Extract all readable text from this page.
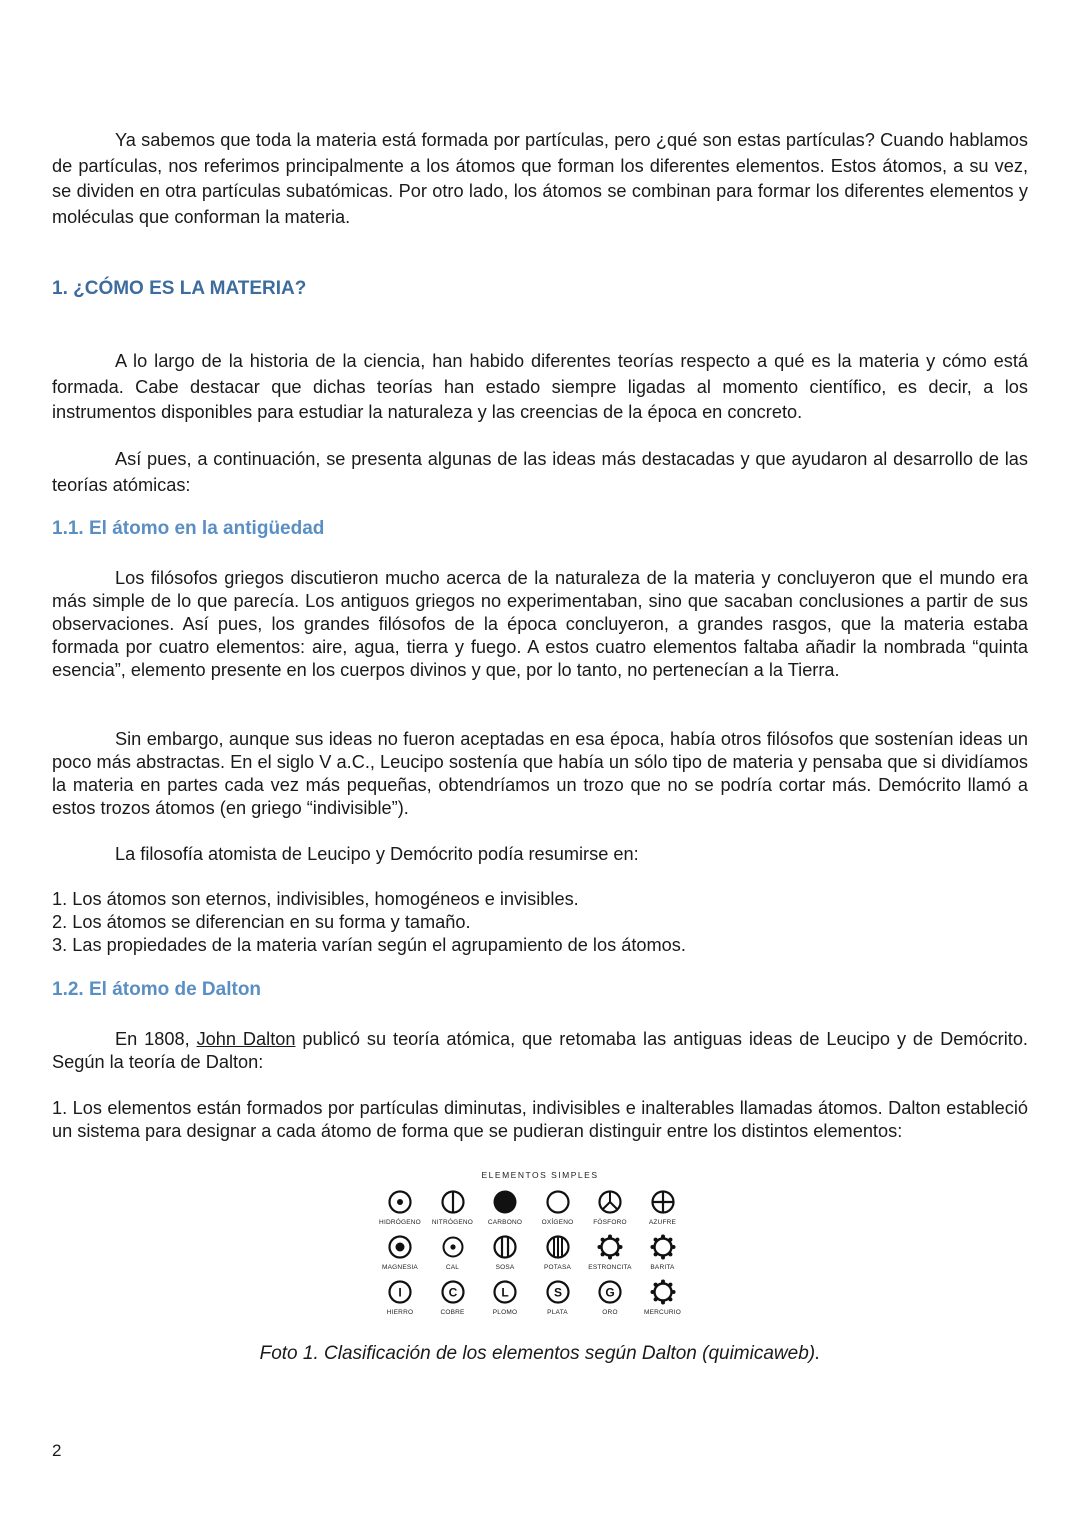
Ya sabemos que toda la materia está formada por partículas, pero ¿qué son estas partículas? Cuando hablamos de partículas, nos referimos principalmente a los átomos que forman los diferentes elementos. Estos átomos, a su vez, se dividen en otra partículas subatómicas. Por otro lado, los átomos se combinan para formar los diferentes elementos y moléculas que conforman la materia.

1. ¿CÓMO ES LA MATERIA?

A lo largo de la historia de la ciencia, han habido diferentes teorías respecto a qué es la materia y cómo está formada. Cabe destacar que dichas teorías han estado siempre ligadas al momento científico, es decir, a los instrumentos disponibles para estudiar la naturaleza y las creencias de la época en concreto.

Así pues, a continuación, se presenta algunas de las ideas más destacadas y que ayudaron al desarrollo de las teorías atómicas:

1.1. El átomo en la antigüedad

Los filósofos griegos discutieron mucho acerca de la naturaleza de la materia y concluyeron que el mundo era más simple de lo que parecía. Los antiguos griegos no experimentaban, sino que sacaban conclusiones a partir de sus observaciones. Así pues, los grandes filósofos de la época concluyeron, a grandes rasgos, que la materia estaba formada por cuatro elementos: aire, agua, tierra y fuego. A estos cuatro elementos faltaba añadir la nombrada “quinta esencia”, elemento presente en los cuerpos divinos y que, por lo tanto, no pertenecían a la Tierra.

Sin embargo, aunque sus ideas no fueron aceptadas en esa época, había otros filósofos que sostenían ideas un poco más abstractas. En el siglo V a.C., Leucipo sostenía que había un sólo tipo de materia y pensaba que si dividíamos la materia en partes cada vez más pequeñas, obtendríamos un trozo que no se podría cortar más. Demócrito llamó a estos trozos átomos (en griego “indivisible”).

La filosofía atomista de Leucipo y Demócrito podía resumirse en:

1. Los átomos son eternos, indivisibles, homogéneos e invisibles.
2. Los átomos se diferencian en su forma y tamaño.
3. Las propiedades de la materia varían según el agrupamiento de los átomos.
1.2. El átomo de Dalton

En 1808, John Dalton publicó su teoría atómica, que retomaba las antiguas ideas de Leucipo y de Demócrito. Según la teoría de Dalton:

1. Los elementos están formados por partículas diminutas, indivisibles e inalterables llamadas átomos. Dalton estableció un sistema para designar a cada átomo de forma que se pudieran distinguir entre los distintos elementos:

ELEMENTOS SIMPLES
HIDRÓGENO	NITRÓGENO	CARBONO	OXÍGENO	FÓSFORO	AZUFRE
MAGNESIA	CAL	SOSA	POTASA	ESTRONCITA	BARITA
I
HIERRO
C
COBRE
L
PLOMO
S
PLATA
G
ORO	MERCURIO

Foto 1. Clasificación de los elementos según Dalton (quimicaweb).

2
